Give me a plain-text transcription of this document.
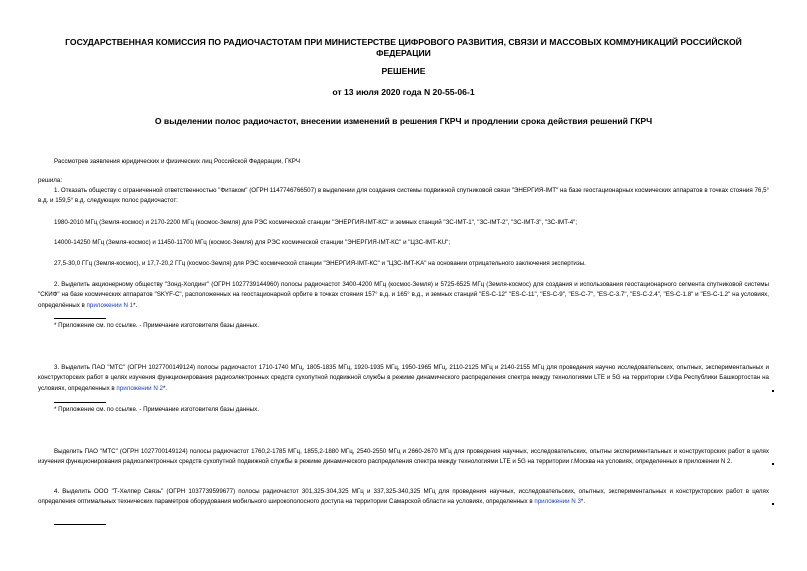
ГОСУДАРСТВЕННАЯ КОМИССИЯ ПО РАДИОЧАСТОТАМ ПРИ МИНИСТЕРСТВЕ ЦИФРОВОГО РАЗВИТИЯ, СВЯЗИ И МАССОВЫХ КОММУНИКАЦИЙ РОССИЙСКОЙ ФЕДЕРАЦИИ
РЕШЕНИЕ
от 13 июля 2020 года N 20-55-06-1
О выделении полос радиочастот, внесении изменений в решения ГКРЧ и продлении срока действия решений ГКРЧ
Рассмотрев заявления юридических и физических лиц Российской Федерации, ГКРЧ
решила:
1. Отказать обществу с ограниченной ответственностью "Фитаком" (ОГРН 1147746766507) в выделении для создания системы подвижной спутниковой связи "ЭНЕРГИЯ-IMT" на базе геостационарных космических аппаратов в точках стояния 76,5° в.д. и 159,5° в.д. следующих полос радиочастот:
1980-2010 МГц (Земля-космос) и 2170-2200 МГц (космос-Земля) для РЭС космической станции "ЭНЕРГИЯ-IMT-КС" и земных станций "ЗС-IMT-1", "ЗС-IMT-2", "ЗС-IMT-3", "ЗС-IMT-4";
14000-14250 МГц (Земля-космос) и 11450-11700 МГц (космос-Земля) для РЭС космической станции "ЭНЕРГИЯ-IMT-КС" и "ЦЗС-IMT-KU";
27,5-30,0 ГГц (Земля-космос), и 17,7-20,2 ГГц (космос-Земля) для РЭС космической станции "ЭНЕРГИЯ-IMT-КС" и "ЦЗС-IMT-KA" на основании отрицательного заключения экспертизы.
2. Выделить акционерному обществу "Зонд-Холдинг" (ОГРН 1027739144960) полосы радиочастот 3400-4200 МГц (космос-Земля) и 5725-6525 МГц (Земля-космос) для создания и использования геостационарного сегмента спутниковой системы "СКИФ" на базе космических аппаратов "SKYF-C", расположенных на геостационарной орбите в точках стояния 157° в.д. и 165° в.д., и земных станций "ES-C-12" "ES-C-11", "ES-C-9", "ES-C-7", "ES-C-3.7", "ES-C-2.4", "ES-C-1.8" и "ES-C-1.2" на условиях, определённых в приложении N 1*.
* Приложение см. по ссылке. - Примечание изготовителя базы данных.
3. Выделить ПАО "МТС" (ОГРН 1027700149124) полосы радиочастот 1710-1740 МГц, 1805-1835 МГц, 1920-1935 МГц, 1950-1965 МГц, 2110-2125 МГц и 2140-2155 МГц для проведения научно исследовательских, опытных, экспериментальных и конструкторских работ в целях изучения функционирования радиоэлектронных средств сухопутной подвижной службы в режиме динамического распределения спектра между технологиями LTE и 5G на территории г.Уфа Республики Башкортостан на условиях, определенных в приложении N 2*.
* Приложение см. по ссылке. - Примечание изготовителя базы данных.
Выделить ПАО "МТС" (ОГРН 1027700149124) полосы радиочастот 1760,2-1785 МГц, 1855,2-1880 МГц, 2540-2550 МГц и 2660-2670 МГц для проведения научных, исследовательских, опытны экспериментальных и конструкторских работ в целях изучения функционирования радиоэлектронных средств сухопутной подвижной службы в режиме динамического распределения спектра между технологиями LTE и 5G на территории г.Москва на условиях, определенных в приложении N 2.
4. Выделить ООО "Т-Хелпер Связь" (ОГРН 1037739599677) полосы радиочастот 301,325-304,325 МГц и 337,325-340,325 МГц для проведения научных, исследовательских, опытных, экспериментальных и конструкторских работ в целях определения оптимальных технических параметров оборудования мобильного широкополосного доступа на территории Самарской области на условиях, определенных в приложении N 3*.
